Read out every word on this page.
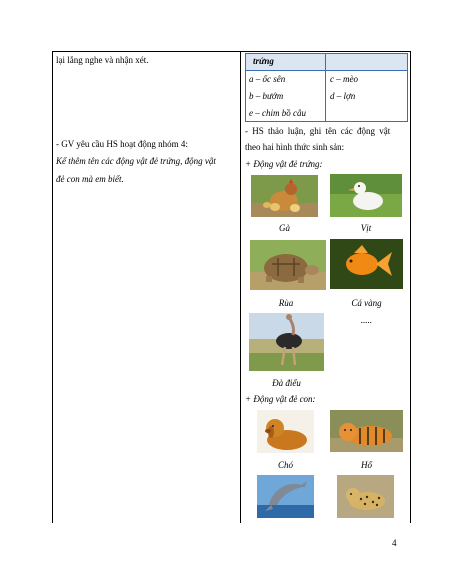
lại lắng nghe và nhận xét.
- GV yêu cầu HS hoạt động nhóm 4:
Kể thêm tên các động vật đẻ trứng, động vật
đẻ con mà em biết.
trứng
a – ốc sên	c – mèo
b – bướm	d – lợn
e – chim bồ câu
- HS thảo luận, ghi tên các động vật
theo hai hình thức sinh sản:
+ Động vật đẻ trứng:
Gà	Vịt
Rùa	Cá vàng
.....
Đà điểu
+ Động vật đẻ con:
Chó	Hổ
4
